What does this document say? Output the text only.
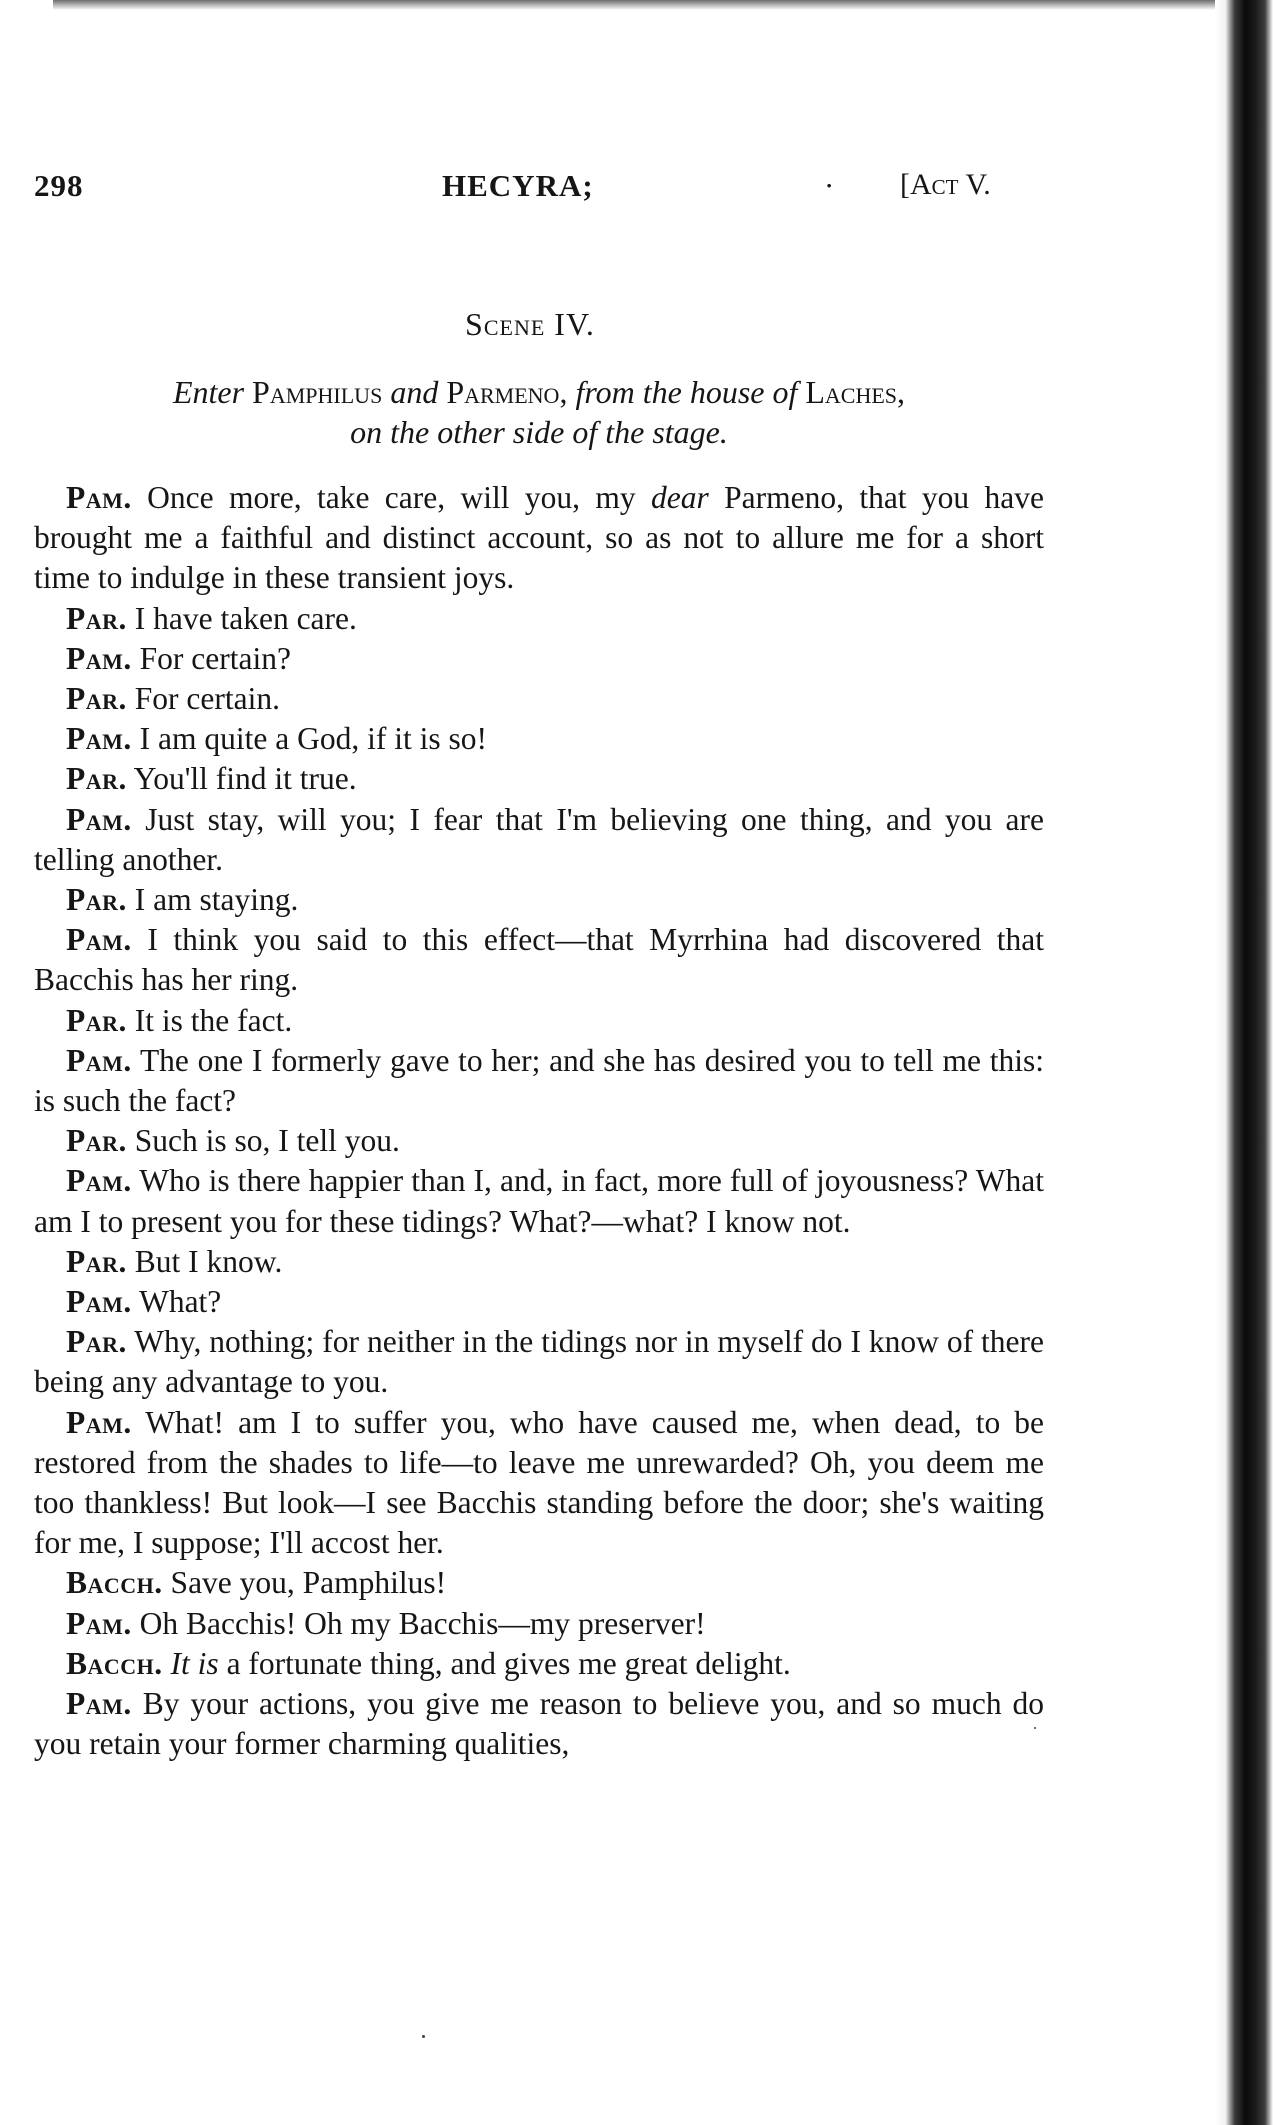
298	HECYRA;	· [Act V.
Scene IV.
Enter Pamphilus and Parmeno, from the house of Laches,
on the other side of the stage.

Pam. Once more, take care, will you, my dear Parmeno, that you have brought me a faithful and distinct account, so as not to allure me for a short time to indulge in these transient joys.

Par. I have taken care.

Pam. For certain?

Par. For certain.

Pam. I am quite a God, if it is so!

Par. You'll find it true.

Pam. Just stay, will you; I fear that I'm believing one thing, and you are telling another.

Par. I am staying.

Pam. I think you said to this effect—that Myrrhina had discovered that Bacchis has her ring.

Par. It is the fact.

Pam. The one I formerly gave to her; and she has desired you to tell me this: is such the fact?

Par. Such is so, I tell you.

Pam. Who is there happier than I, and, in fact, more full of joyousness? What am I to present you for these tidings? What?—what? I know not.

Par. But I know.

Pam. What?

Par. Why, nothing; for neither in the tidings nor in myself do I know of there being any advantage to you.

Pam. What! am I to suffer you, who have caused me, when dead, to be restored from the shades to life—to leave me unrewarded? Oh, you deem me too thankless! But look—I see Bacchis standing before the door; she's waiting for me, I suppose; I'll accost her.

Bacch. Save you, Pamphilus!

Pam. Oh Bacchis! Oh my Bacchis—my preserver!

Bacch. It is a fortunate thing, and gives me great delight.

Pam. By your actions, you give me reason to believe you, and so much do you retain your former charming qualities,
